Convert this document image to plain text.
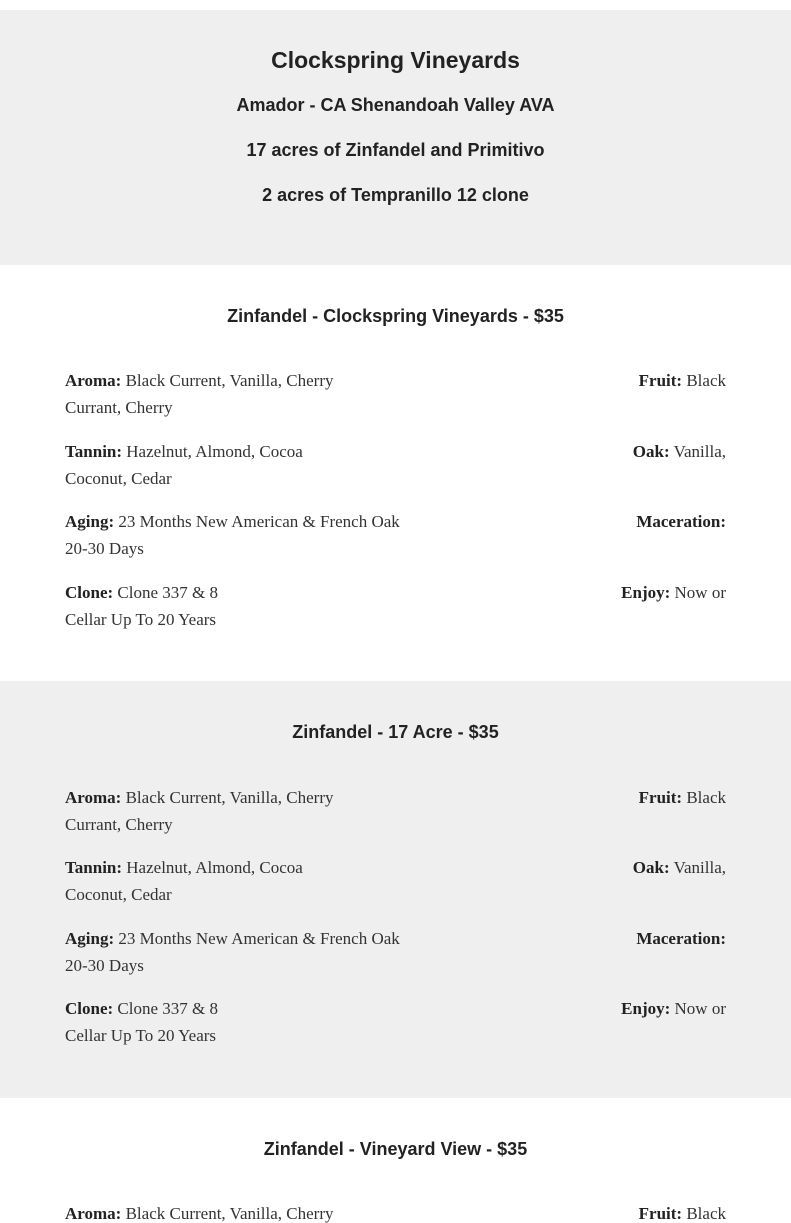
Clockspring Vineyards

Amador - CA Shenandoah Valley AVA

17 acres of Zinfandel and Primitivo

2 acres of Tempranillo 12 clone

Zinfandel - Clockspring Vineyards - $35

Aroma: Black Current, Vanilla, Cherry	Fruit: Black
Currant, Cherry
Tannin: Hazelnut, Almond, Cocoa	Oak: Vanilla,
Coconut, Cedar
Aging: 23 Months New American & French Oak	Maceration:
20-30 Days
Clone: Clone 337 & 8	Enjoy: Now or
Cellar Up To 20 Years

Zinfandel - 17 Acre - $35

Aroma: Black Current, Vanilla, Cherry	Fruit: Black
Currant, Cherry
Tannin: Hazelnut, Almond, Cocoa	Oak: Vanilla,
Coconut, Cedar
Aging: 23 Months New American & French Oak	Maceration:
20-30 Days
Clone: Clone 337 & 8	Enjoy: Now or
Cellar Up To 20 Years

Zinfandel - Vineyard View - $35

Aroma: Black Current, Vanilla, Cherry	Fruit: Black
